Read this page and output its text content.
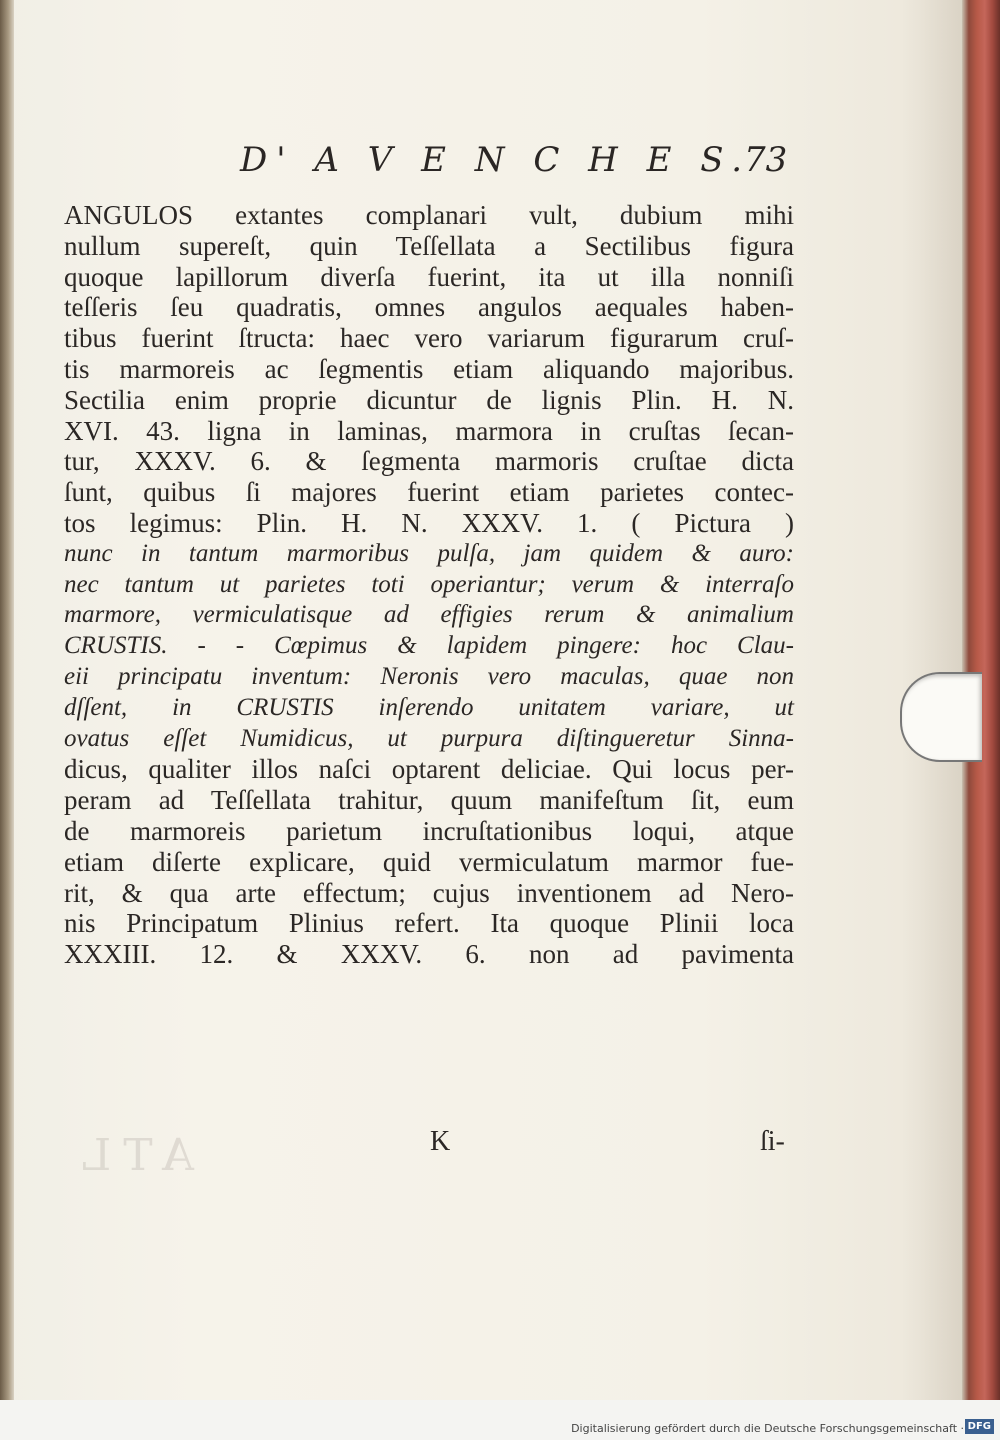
ATL
D' A V E N C H E S.
73
ANGULOS extantes complanari vult, dubium mihi
nullum supereſt, quin Teſſellata a Sectilibus figura
quoque lapillorum diverſa fuerint, ita ut illa nonniſi
teſſeris ſeu quadratis, omnes angulos aequales haben-
tibus fuerint ſtructa: haec vero variarum figurarum cruſ-
tis marmoreis ac ſegmentis etiam aliquando majoribus.
Sectilia enim proprie dicuntur de lignis Plin. H. N.
XVI. 43. ligna in laminas, marmora in cruſtas ſecan-
tur, XXXV. 6. & ſegmenta marmoris cruſtae dicta
ſunt, quibus ſi majores fuerint etiam parietes contec-
tos legimus: Plin. H. N. XXXV. 1. ( Pictura )
nunc in tantum marmoribus pulſa, jam quidem & auro:
nec tantum ut parietes toti operiantur; verum & interraſo
marmore, vermiculatisque ad effigies rerum & animalium
CRUSTIS. - - Cœpimus & lapidem pingere: hoc Clau-
eii principatu inventum: Neronis vero maculas, quae non
dſſent, in CRUSTIS inſerendo unitatem variare, ut
ovatus eſſet Numidicus, ut purpura diſtingueretur Sinna-
dicus, qualiter illos naſci optarent deliciae. Qui locus per-
peram ad Teſſellata trahitur, quum manifeſtum ſit, eum
de marmoreis parietum incruſtationibus loqui, atque
etiam diſerte explicare, quid vermiculatum marmor fue-
rit, & qua arte effectum; cujus inventionem ad Nero-
nis Principatum Plinius refert. Ita quoque Plinii loca
XXXIII. 12. & XXXV. 6. non ad pavimenta
K	ſi-
Digitalisierung gefördert durch die Deutsche Forschungsgemeinschaft · DFG
